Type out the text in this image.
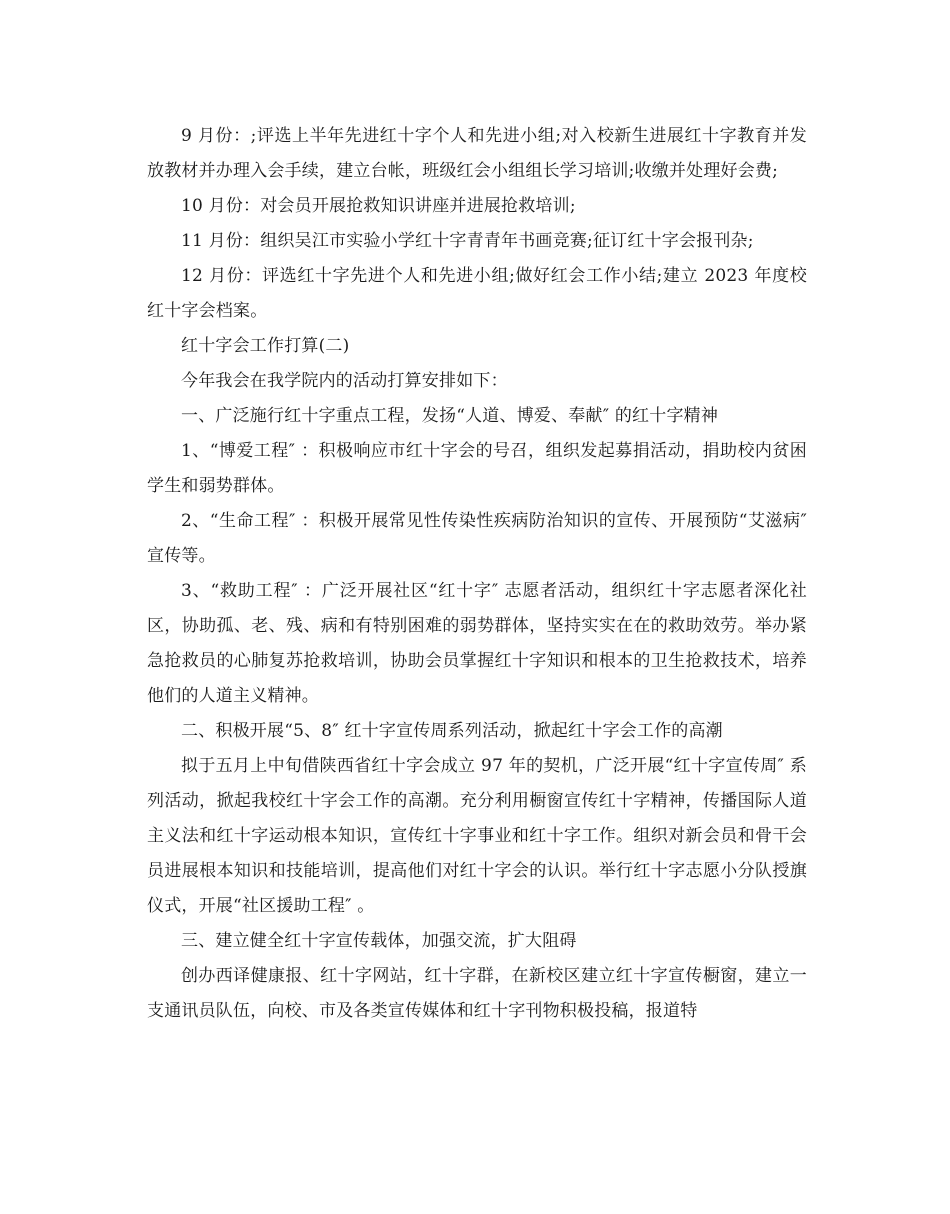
9 月份：;评选上半年先进红十字个人和先进小组;对入校新生进展红十字教育并发放教材并办理入会手续，建立台帐，班级红会小组组长学习培训;收缴并处理好会费;

10 月份：对会员开展抢救知识讲座并进展抢救培训;

11 月份：组织吴江市实验小学红十字青青年书画竞赛;征订红十字会报刊杂;

12 月份：评选红十字先进个人和先进小组;做好红会工作小结;建立 2023 年度校红十字会档案。

红十字会工作打算(二)

今年我会在我学院内的活动打算安排如下：

一、广泛施行红十字重点工程，发扬“人道、博爱、奉献″ 的红十字精神

1、“博爱工程″ ：积极响应市红十字会的号召，组织发起募捐活动，捐助校内贫困学生和弱势群体。

2、“生命工程″ ：积极开展常见性传染性疾病防治知识的宣传、开展预防“艾滋病″ 宣传等。

3、“救助工程″ ：广泛开展社区“红十字″ 志愿者活动，组织红十字志愿者深化社区，协助孤、老、残、病和有特别困难的弱势群体，坚持实实在在的救助效劳。举办紧急抢救员的心肺复苏抢救培训，协助会员掌握红十字知识和根本的卫生抢救技术，培养他们的人道主义精神。

二、积极开展“5、8″ 红十字宣传周系列活动，掀起红十字会工作的高潮

拟于五月上中旬借陕西省红十字会成立 97 年的契机，广泛开展“红十字宣传周″ 系列活动，掀起我校红十字会工作的高潮。充分利用橱窗宣传红十字精神，传播国际人道主义法和红十字运动根本知识，宣传红十字事业和红十字工作。组织对新会员和骨干会员进展根本知识和技能培训，提高他们对红十字会的认识。举行红十字志愿小分队授旗仪式，开展“社区援助工程″ 。

三、建立健全红十字宣传载体，加强交流，扩大阻碍

创办西译健康报、红十字网站，红十字群，在新校区建立红十字宣传橱窗，建立一支通讯员队伍，向校、市及各类宣传媒体和红十字刊物积极投稿，报道特
